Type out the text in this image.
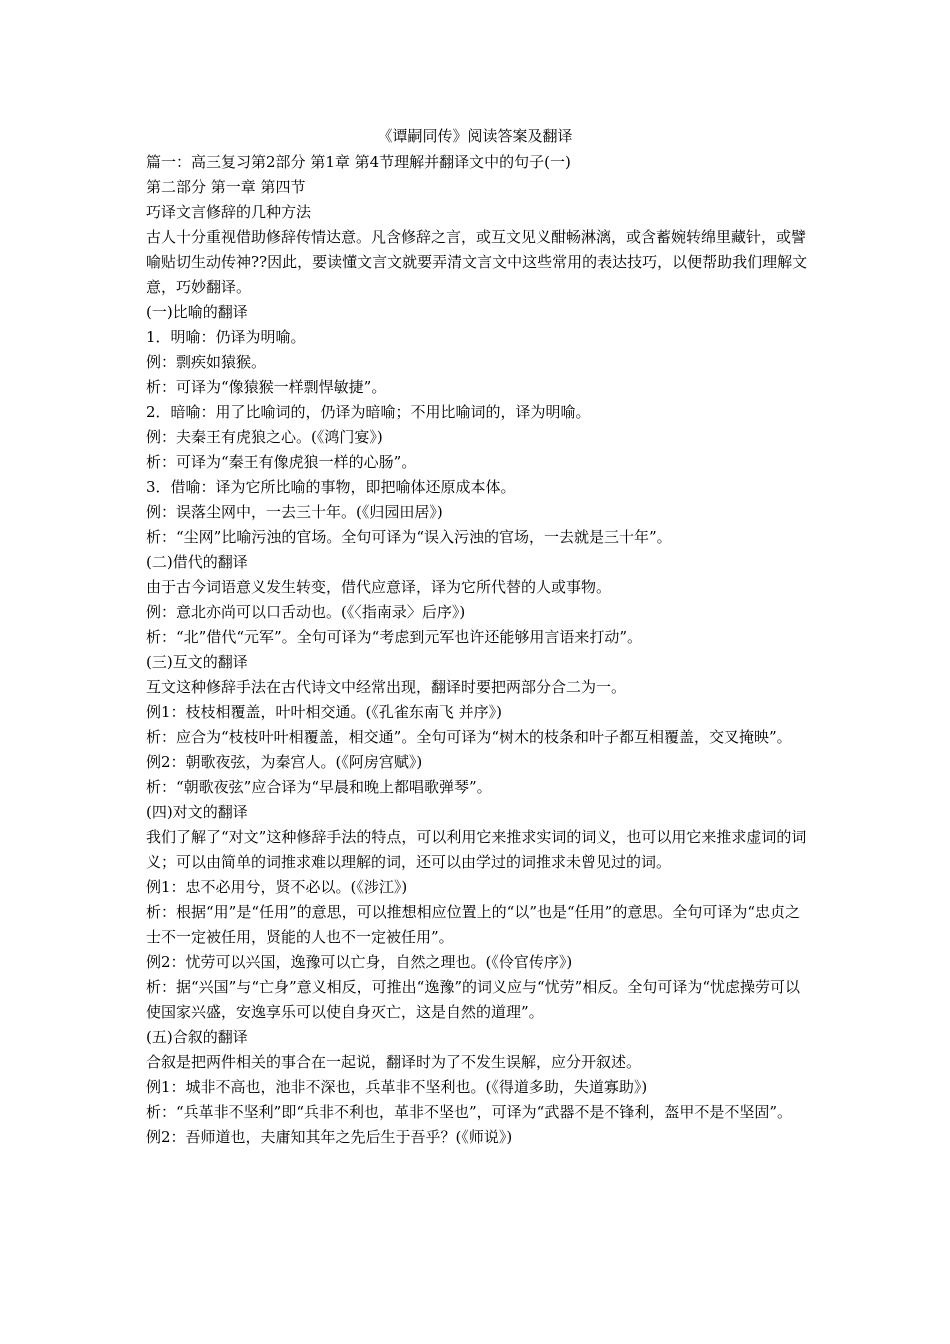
《谭嗣同传》阅读答案及翻译

篇一：高三复习第2部分 第1章 第4节理解并翻译文中的句子(一)

第二部分 第一章 第四节

巧译文言修辞的几种方法

古人十分重视借助修辞传情达意。凡含修辞之言，或互文见义酣畅淋漓，或含蓄婉转绵里藏针，或譬喻贴切生动传神??因此，要读懂文言文就要弄清文言文中这些常用的表达技巧，以便帮助我们理解文意，巧妙翻译。

(一)比喻的翻译

1．明喻：仍译为明喻。

例：剽疾如猿猴。

析：可译为“像猿猴一样剽悍敏捷”。

2．暗喻：用了比喻词的，仍译为暗喻；不用比喻词的，译为明喻。

例：夫秦王有虎狼之心。(《鸿门宴》)

析：可译为“秦王有像虎狼一样的心肠”。

3．借喻：译为它所比喻的事物，即把喻体还原成本体。

例：误落尘网中，一去三十年。(《归园田居》)

析：“尘网”比喻污浊的官场。全句可译为“误入污浊的官场，一去就是三十年”。

(二)借代的翻译

由于古今词语意义发生转变，借代应意译，译为它所代替的人或事物。

例：意北亦尚可以口舌动也。(《〈指南录〉后序》)

析：“北”借代“元军”。全句可译为“考虑到元军也许还能够用言语来打动”。

(三)互文的翻译

互文这种修辞手法在古代诗文中经常出现，翻译时要把两部分合二为一。

例1：枝枝相覆盖，叶叶相交通。(《孔雀东南飞 并序》)

析：应合为“枝枝叶叶相覆盖，相交通”。全句可译为“树木的枝条和叶子都互相覆盖，交叉掩映”。

例2：朝歌夜弦，为秦宫人。(《阿房宫赋》)

析：“朝歌夜弦”应合译为“早晨和晚上都唱歌弹琴”。

(四)对文的翻译

我们了解了“对文”这种修辞手法的特点，可以利用它来推求实词的词义，也可以用它来推求虚词的词义；可以由简单的词推求难以理解的词，还可以由学过的词推求未曾见过的词。

例1：忠不必用兮，贤不必以。(《涉江》)

析：根据“用”是“任用”的意思，可以推想相应位置上的“以”也是“任用”的意思。全句可译为“忠贞之士不一定被任用，贤能的人也不一定被任用”。

例2：忧劳可以兴国，逸豫可以亡身，自然之理也。(《伶官传序》)

析：据“兴国”与“亡身”意义相反，可推出“逸豫”的词义应与“忧劳”相反。全句可译为“忧虑操劳可以使国家兴盛，安逸享乐可以使自身灭亡，这是自然的道理”。

(五)合叙的翻译

合叙是把两件相关的事合在一起说，翻译时为了不发生误解，应分开叙述。

例1：城非不高也，池非不深也，兵革非不坚利也。(《得道多助，失道寡助》)

析：“兵革非不坚利”即“兵非不利也，革非不坚也”，可译为“武器不是不锋利，盔甲不是不坚固”。

例2：吾师道也，夫庸知其年之先后生于吾乎？(《师说》)
